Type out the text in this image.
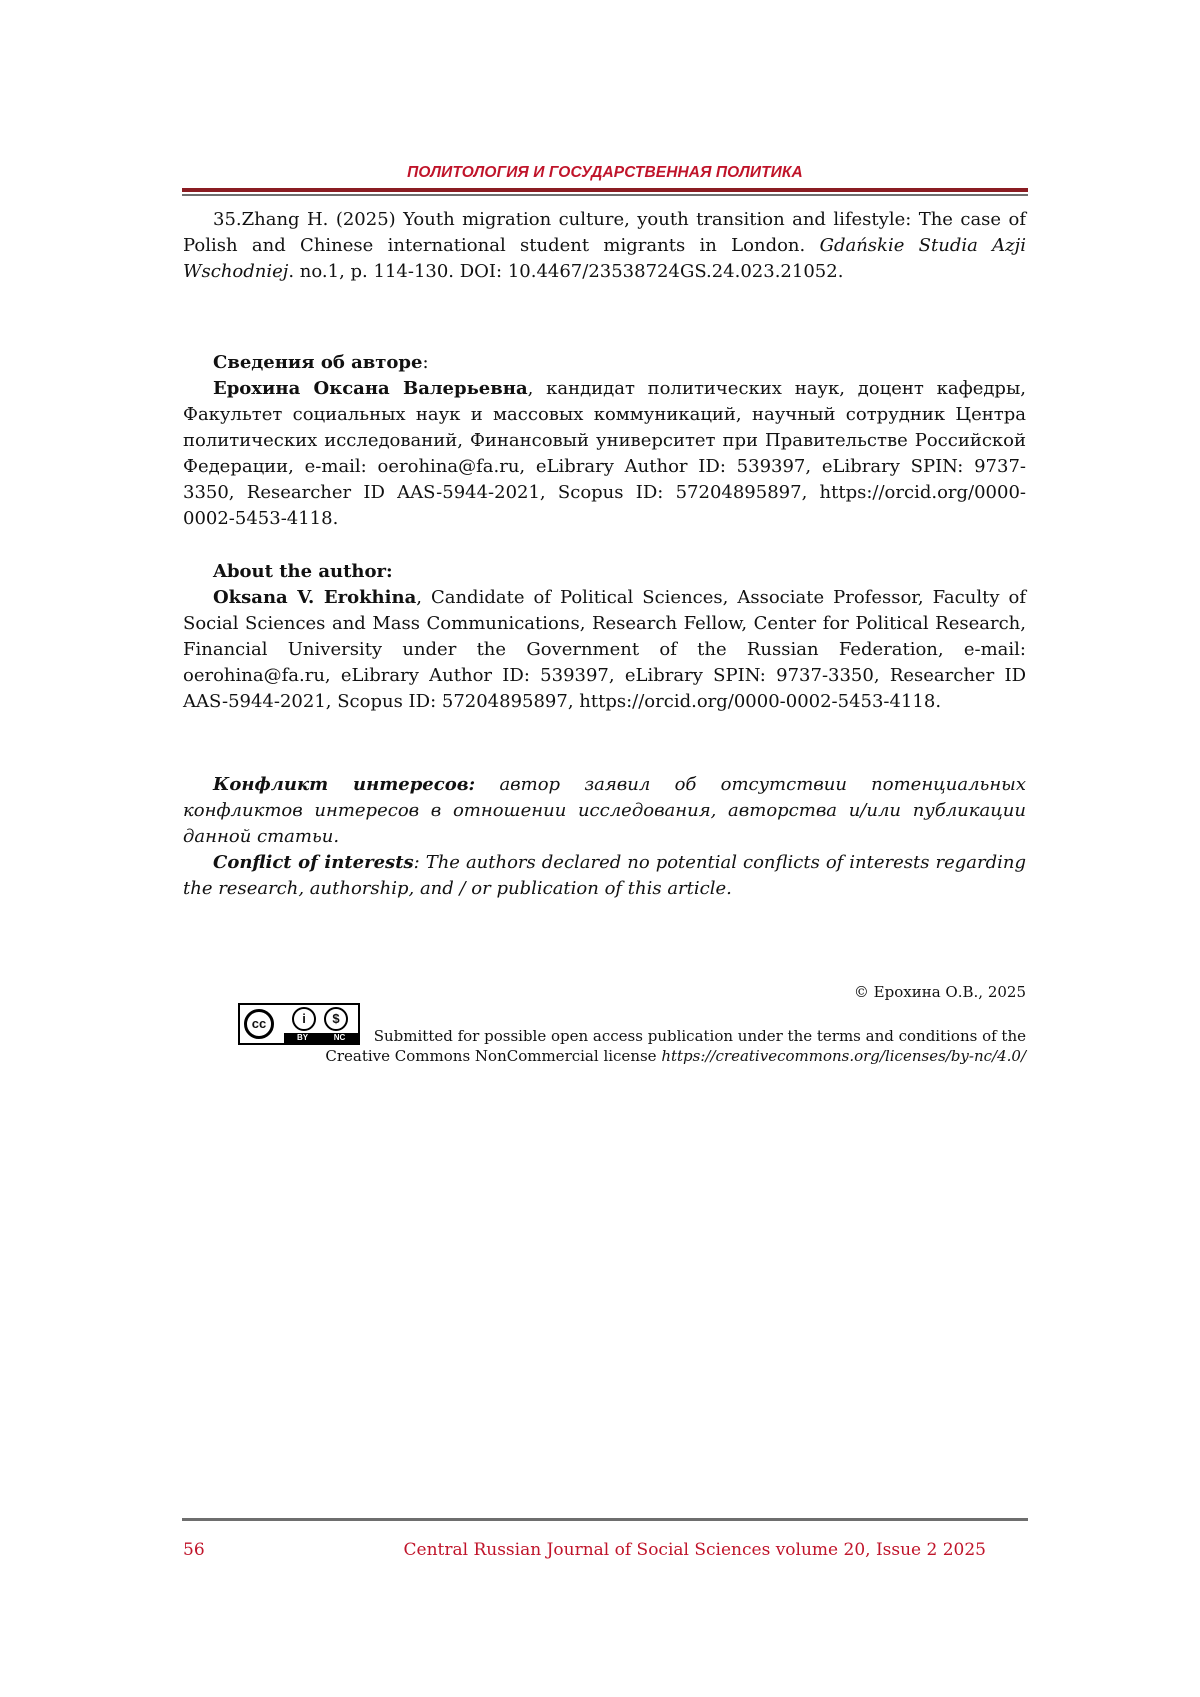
ПОЛИТОЛОГИЯ И ГОСУДАРСТВЕННАЯ ПОЛИТИКА

35.Zhang H. (2025) Youth migration culture, youth transition and lifestyle: The case of Polish and Chinese international student migrants in London. Gdańskie Studia Azji Wschodniej. no.1, p. 114-130. DOI: 10.4467/23538724GS.24.023.21052.

Сведения об авторе:

Ерохина Оксана Валерьевна, кандидат политических наук, доцент кафедры, Факультет социальных наук и массовых коммуникаций, научный сотрудник Центра политических исследований, Финансовый университет при Правительстве Российской Федерации, e-mail: oerohina@fa.ru, eLibrary Author ID: 539397, eLibrary SPIN: 9737-3350, Researcher ID AAS-5944-2021, Scopus ID: 57204895897, https://orcid.org/0000-0002-5453-4118.

About the author:

Oksana V. Erokhina, Candidate of Political Sciences, Associate Professor, Faculty of Social Sciences and Mass Communications, Research Fellow, Center for Political Research, Financial University under the Government of the Russian Federation, e-mail: oerohina@fa.ru, eLibrary Author ID: 539397, eLibrary SPIN: 9737-3350, Researcher ID AAS-5944-2021, Scopus ID: 57204895897, https://orcid.org/0000-0002-5453-4118.

Конфликт интересов: автор заявил об отсутствии потенциальных конфликтов интересов в отношении исследования, авторства и/или публикации данной статьи.

Conflict of interests: The authors declared no potential conflicts of interests regarding the research, authorship, and / or publication of this article.

© Ерохина О.В., 2025
cc	i	$
BY	NC	Submitted for possible open access publication under the terms and conditions of the
Creative Commons NonCommercial license https://creativecommons.org/licenses/by-nc/4.0/
56	Central Russian Journal of Social Sciences volume 20, Issue 2 2025
